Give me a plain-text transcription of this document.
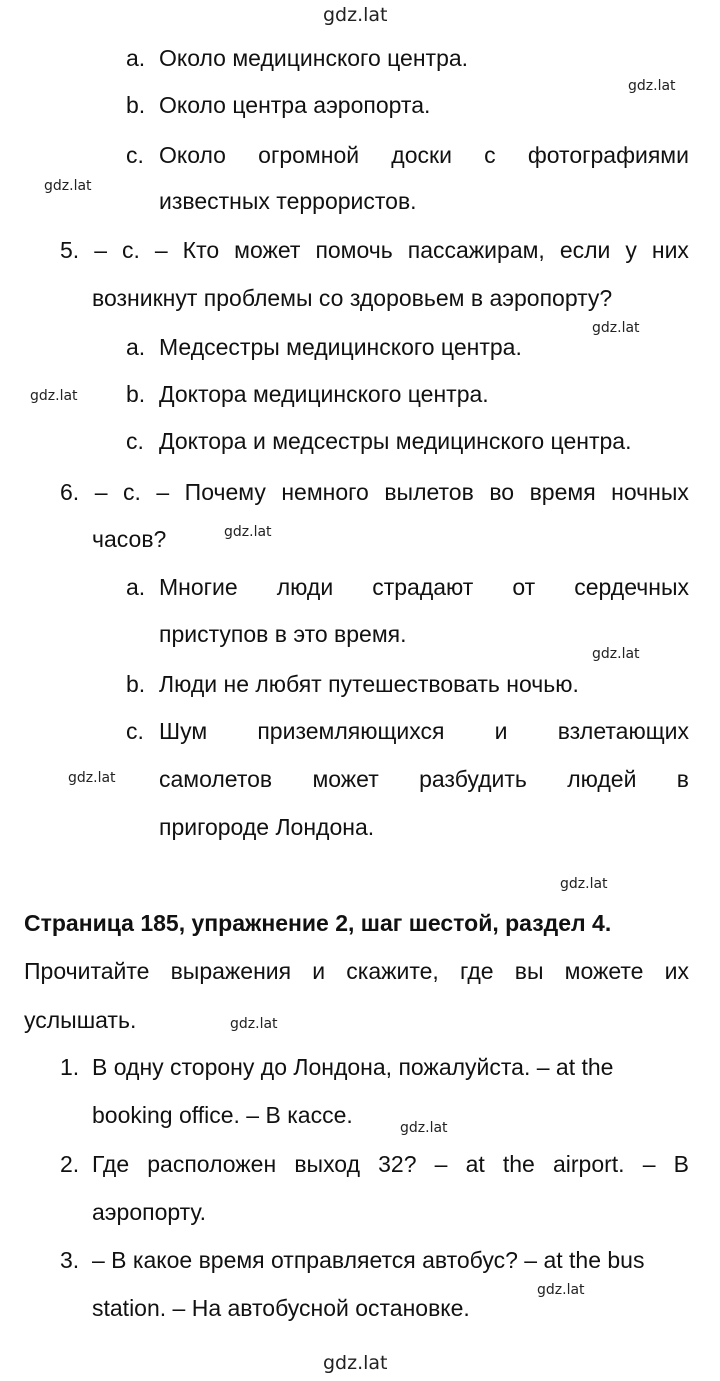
gdz.lat
gdz.lat
gdz.lat
gdz.lat
gdz.lat
gdz.lat
gdz.lat
gdz.lat
gdz.lat
gdz.lat
gdz.lat
gdz.lat
gdz.lat
a. Около медицинского центра.
b. Около центра аэропорта.
c. Около огромной доски с фотографиями
известных террористов.
5. – c. – Кто может помочь пассажирам, если у них
возникнут проблемы со здоровьем в аэропорту?
a. Медсестры медицинского центра.
b. Доктора медицинского центра.
c. Доктора и медсестры медицинского центра.
6. – c. – Почему немного вылетов во время ночных
часов?
a. Многие люди страдают от сердечных
приступов в это время.
b. Люди не любят путешествовать ночью.
c. Шум приземляющихся и взлетающих
самолетов может разбудить людей в
пригороде Лондона.
Страница 185, упражнение 2, шаг шестой, раздел 4.
Прочитайте выражения и скажите, где вы можете их
услышать.
1. В одну сторону до Лондона, пожалуйста. – at the
booking office. – В кассе.
2. Где расположен выход 32? – at the airport. – В
аэропорту.
3. – В какое время отправляется автобус? – at the bus
station. – На автобусной остановке.
